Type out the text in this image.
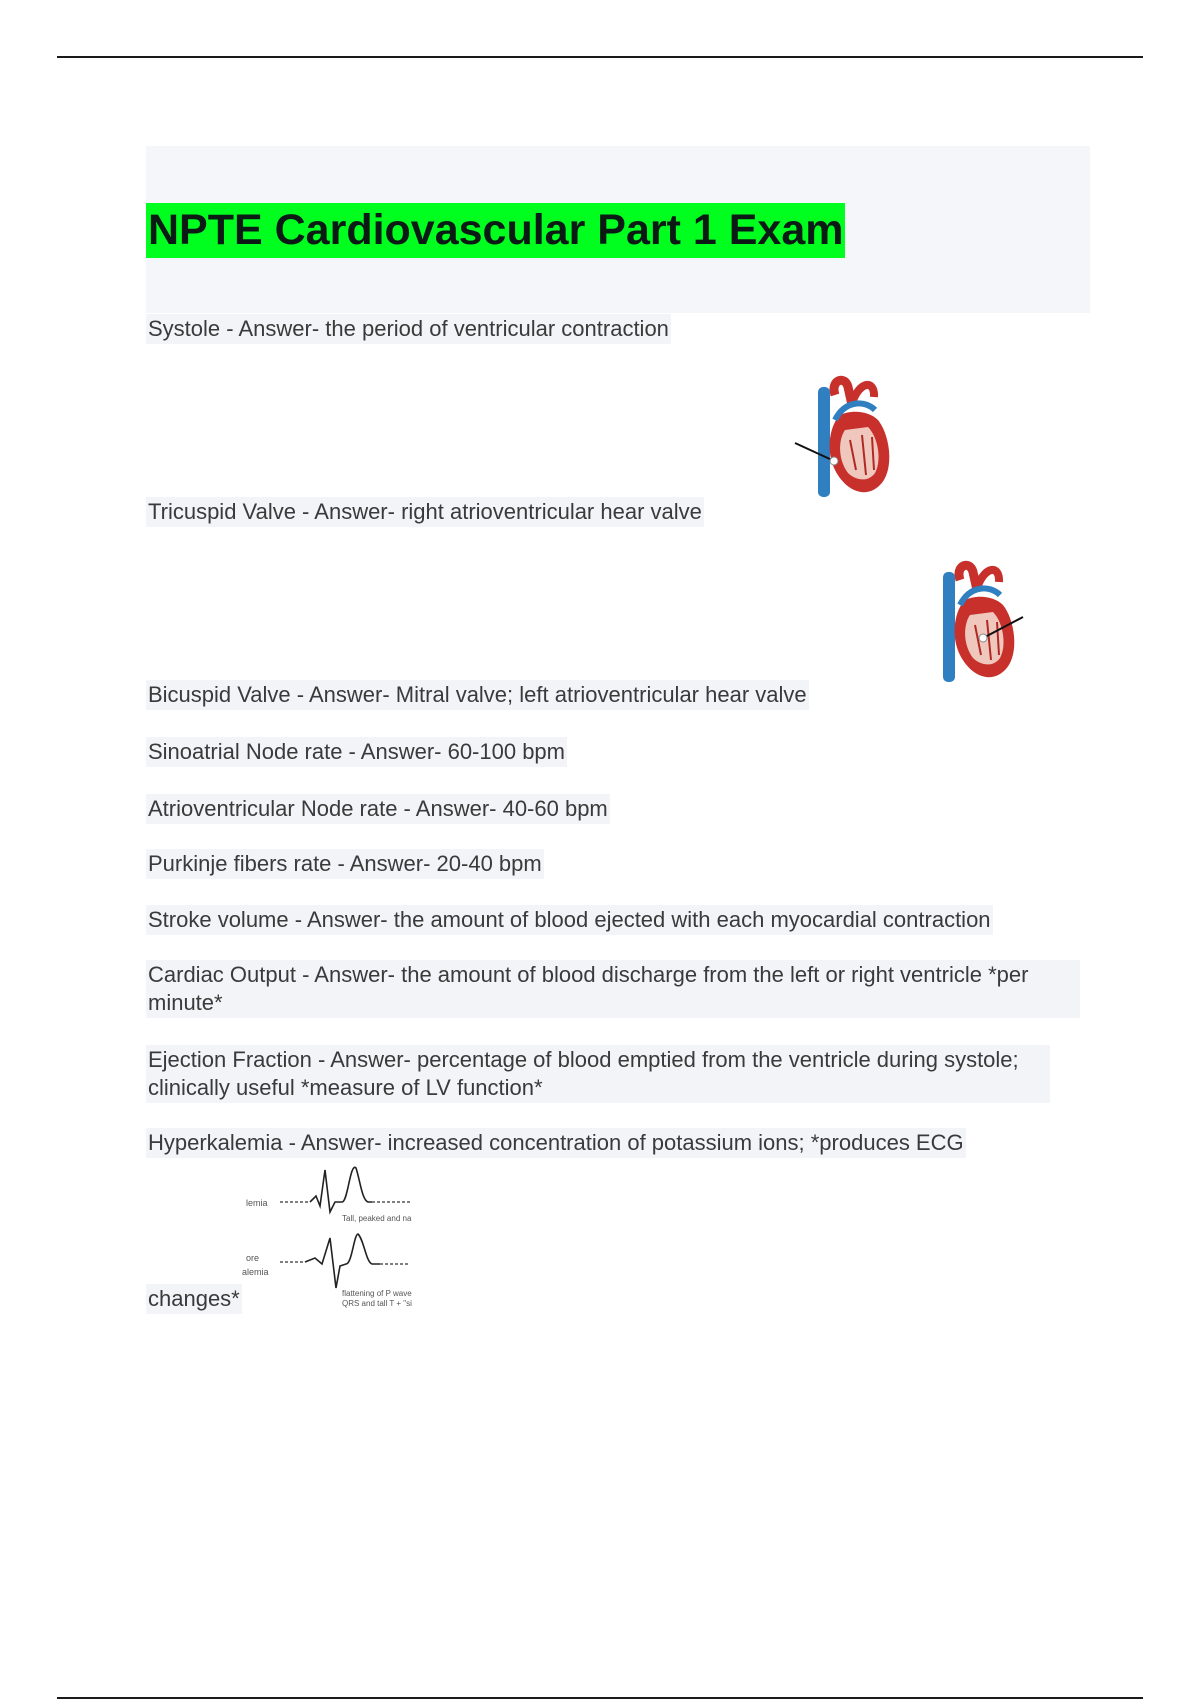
NPTE Cardiovascular Part 1 Exam

Systole - Answer- the period of ventricular contraction

Tricuspid Valve - Answer- right atrioventricular hear valve

Bicuspid Valve - Answer- Mitral valve; left atrioventricular hear valve

Sinoatrial Node rate - Answer- 60-100 bpm

Atrioventricular Node rate - Answer- 40-60 bpm

Purkinje fibers rate - Answer- 20-40 bpm

Stroke volume - Answer- the amount of blood ejected with each myocardial contraction

Cardiac Output - Answer- the amount of blood discharge from the left or right ventricle *per minute*

Ejection Fraction - Answer- percentage of blood emptied from the ventricle during systole; clinically useful *measure of LV function*

Hyperkalemia - Answer- increased concentration of potassium ions; *produces ECG

lemia
Tall, peaked and na
ore
alemia
flattening of P wave
QRS and tall T + "si

changes*
